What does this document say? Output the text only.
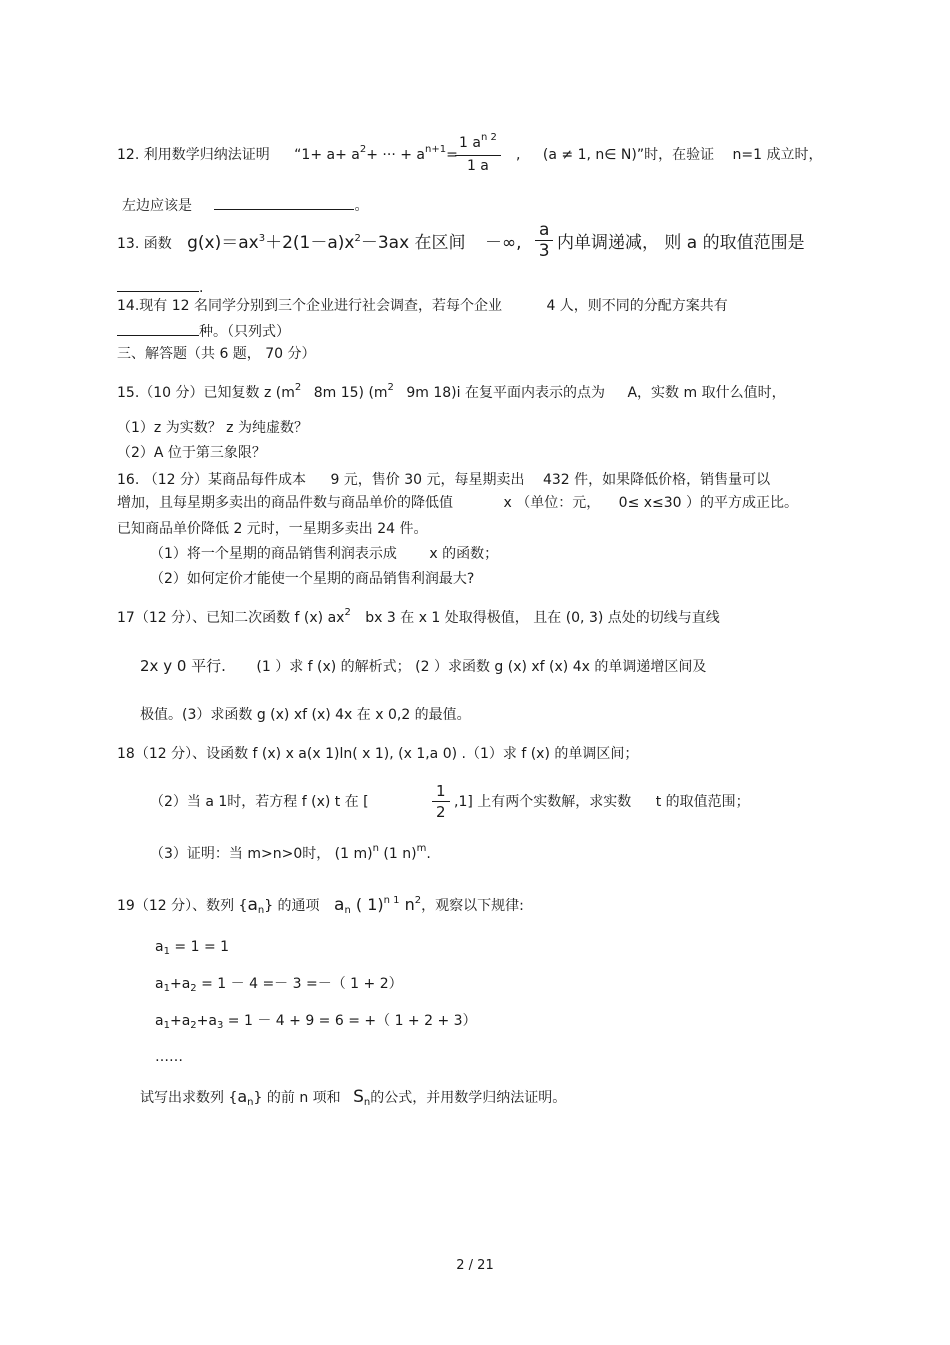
12. 利用数学归纳法证明 “$1+ a+ a^2+$ ··· + $a^{n+1}=$
$\frac{1 a^{n 2}}{1 a}$ , (a ≠ 1, n∈ N)”时，在验证 n=1 成立时，
左边应该是	。
13. 函数 $g(x)=ax^3+2(1-a)x^2-3ax$ 在区间 －∞, $\frac{a}{3}$ 内单调递减， 则 a 的取值范围是
.
14.现有 12 名同学分别到三个企业进行社会调查，若每个企业	4 人，则不同的分配方案共有
种。（只列式）
三、解答题（共 6 题， 70 分）
15.（10 分）已知复数 z ($m^2$ 8m 15) ($m^2$ 9m 18)i 在复平面内表示的点为 A，实数 m 取什么值时，
（1）z 为实数？ z 为纯虚数？
（2）A 位于第三象限？
16. （12 分）某商品每件成本 9 元，售价 30 元，每星期卖出 432 件，如果降低价格，销售量可以
增加，且每星期多卖出的商品件数与商品单价的降低值	x （单位：元， 0≤ x≤30 ）的平方成正比。
已知商品单价降低 2 元时，一星期多卖出 24 件。
（1）将一个星期的商品销售利润表示成 x 的函数；
（2）如何定价才能使一个星期的商品销售利润最大?
17（12 分）、已知二次函数 f (x) $ax^2$ bx 3 在 x 1 处取得极值， 且在 (0, 3) 点处的切线与直线
2x y 0 平行. (1 ）求 f (x) 的解析式； (2 ）求函数 g (x) xf (x) 4x 的单调递增区间及
极值。(3）求函数 g (x) xf (x) 4x 在 x 0,2 的最值。
18（12 分）、设函数 f (x) x a(x 1)ln( x 1), (x 1,a 0) .（1）求 f (x) 的单调区间；
（2）当 a 1时，若方程 f (x) t 在 [	$\frac{1}{2} ,1$] 上有两个实数解，求实数 t 的取值范围；
（3）证明：当 m>n>0时， (1 m)$^n$ (1 n)$^m$.
19（12 分）、数列 $\{a_n\}$ 的通项 $a_n$ ( 1)$^{n 1}$ $n^2$，观察以下规律:
$a_1 = 1 = 1$
$a_1+a_2 = 1 - 4 =- 3$ =－（ 1 + 2）
$a_1+a_2+a_3 = 1 - 4 + 9 = 6$ = +（ 1 + 2 + 3）
……
试写出求数列 $\{a_n\}$ 的前 n 项和 $S_n$的公式，并用数学归纳法证明。
2 / 21
